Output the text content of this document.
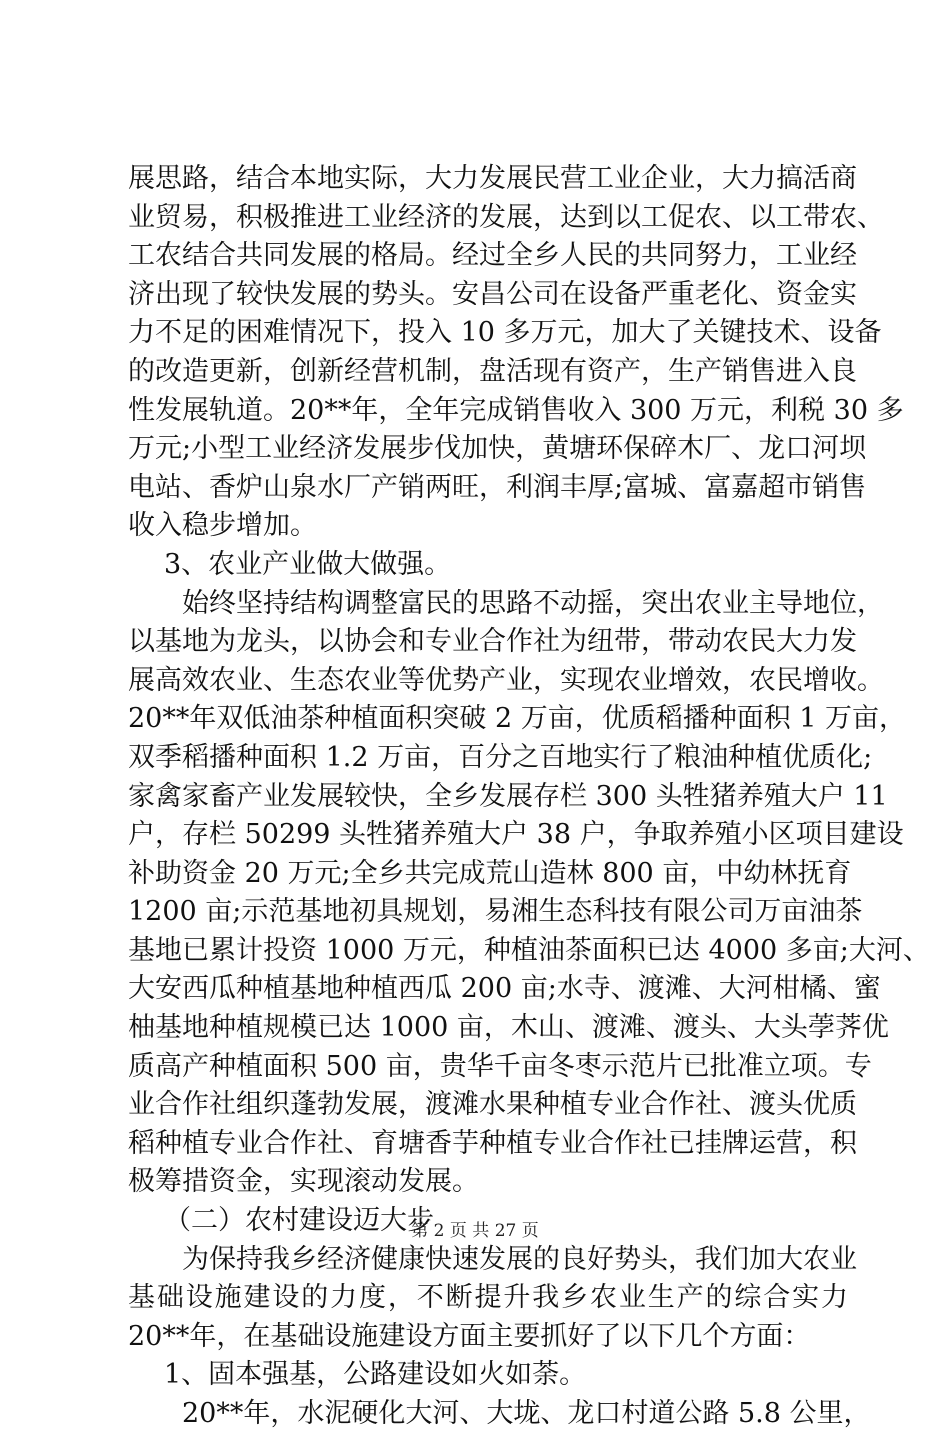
展思路，结合本地实际，大力发展民营工业企业，大力搞活商
业贸易，积极推进工业经济的发展，达到以工促农、以工带农、
工农结合共同发展的格局。经过全乡人民的共同努力，工业经
济出现了较快发展的势头。安昌公司在设备严重老化、资金实
力不足的困难情况下，投入 10 多万元，加大了关键技术、设备
的改造更新，创新经营机制，盘活现有资产，生产销售进入良
性发展轨道。20**年，全年完成销售收入 300 万元，利税 30 多
万元;小型工业经济发展步伐加快，黄塘环保碎木厂、龙口河坝
电站、香炉山泉水厂产销两旺，利润丰厚;富城、富嘉超市销售
收入稳步增加。
3、农业产业做大做强。
始终坚持结构调整富民的思路不动摇，突出农业主导地位，
以基地为龙头，以协会和专业合作社为纽带，带动农民大力发
展高效农业、生态农业等优势产业，实现农业增效，农民增收。
20**年双低油茶种植面积突破 2 万亩，优质稻播种面积 1 万亩，
双季稻播种面积 1.2 万亩，百分之百地实行了粮油种植优质化;
家禽家畜产业发展较快，全乡发展存栏 300 头牲猪养殖大户 11
户，存栏 50299 头牲猪养殖大户 38 户，争取养殖小区项目建设
补助资金 20 万元;全乡共完成荒山造林 800 亩，中幼林抚育
1200 亩;示范基地初具规划，易湘生态科技有限公司万亩油茶
基地已累计投资 1000 万元，种植油茶面积已达 4000 多亩;大河、
大安西瓜种植基地种植西瓜 200 亩;水寺、渡滩、大河柑橘、蜜
柚基地种植规模已达 1000 亩，木山、渡滩、渡头、大头荸荠优
质高产种植面积 500 亩，贵华千亩冬枣示范片已批准立项。专
业合作社组织蓬勃发展，渡滩水果种植专业合作社、渡头优质
稻种植专业合作社、育塘香芋种植专业合作社已挂牌运营，积
极筹措资金，实现滚动发展。
（二）农村建设迈大步
为保持我乡经济健康快速发展的良好势头，我们加大农业
基础设施建设的力度，不断提升我乡农业生产的综合实力
20**年，在基础设施建设方面主要抓好了以下几个方面：
1、固本强基，公路建设如火如荼。
20**年，水泥硬化大河、大垅、龙口村道公路 5.8 公里，
第 2 页 共 27 页
